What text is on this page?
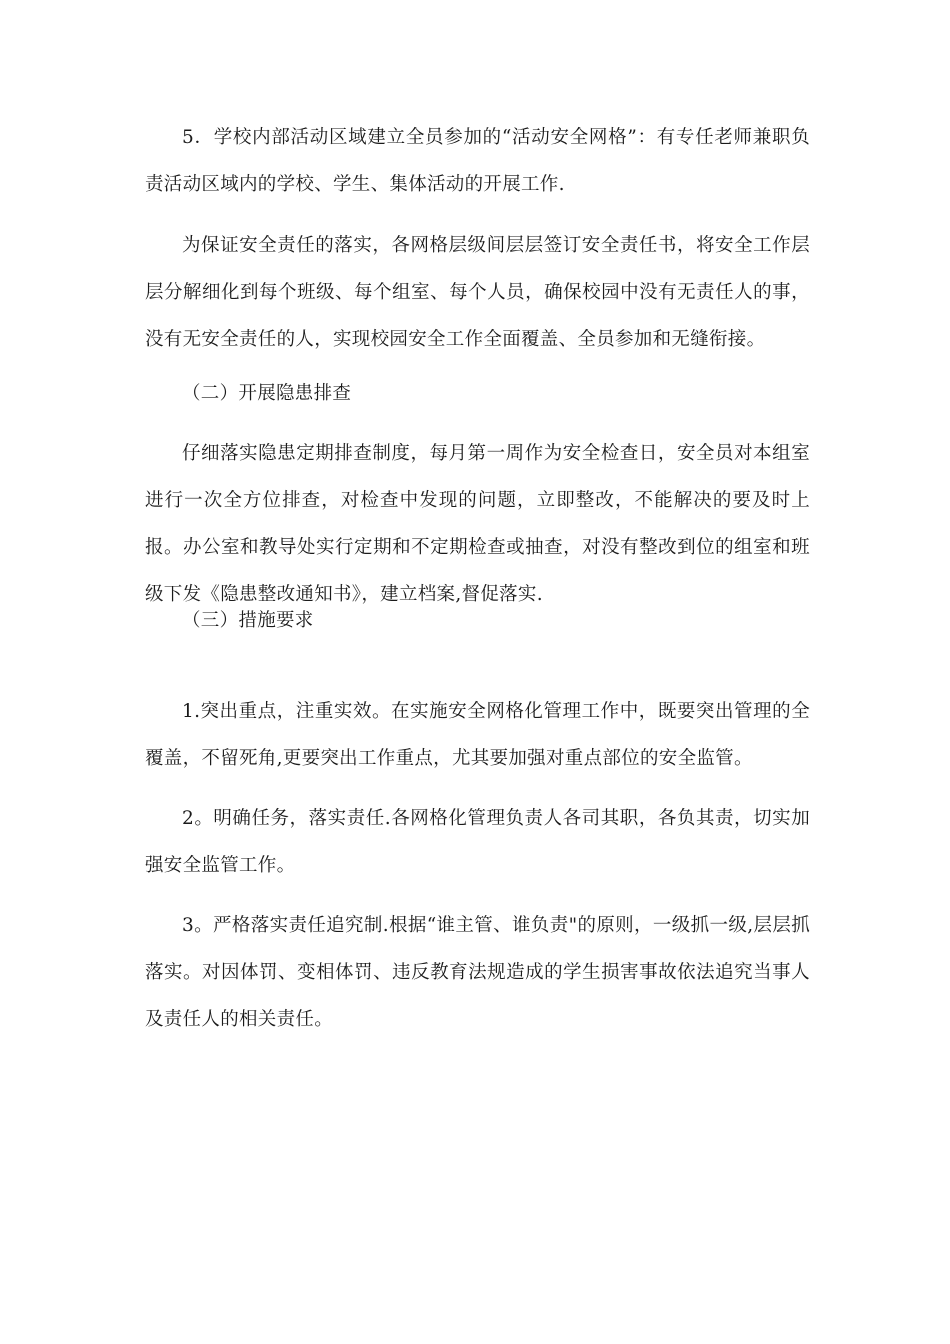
5．学校内部活动区域建立全员参加的“活动安全网格”：有专任老师兼职负责活动区域内的学校、学生、集体活动的开展工作.

为保证安全责任的落实，各网格层级间层层签订安全责任书，将安全工作层层分解细化到每个班级、每个组室、每个人员，确保校园中没有无责任人的事，没有无安全责任的人，实现校园安全工作全面覆盖、全员参加和无缝衔接。

（二）开展隐患排查

仔细落实隐患定期排查制度，每月第一周作为安全检查日，安全员对本组室进行一次全方位排查，对检查中发现的问题，立即整改，不能解决的要及时上报。办公室和教导处实行定期和不定期检查或抽查，对没有整改到位的组室和班级下发《隐患整改通知书》，建立档案,督促落实.

（三）措施要求

1.突出重点，注重实效。在实施安全网格化管理工作中，既要突出管理的全覆盖，不留死角,更要突出工作重点，尤其要加强对重点部位的安全监管。

2。明确任务，落实责任.各网格化管理负责人各司其职，各负其责，切实加强安全监管工作。

3。严格落实责任追究制.根据“谁主管、谁负责"的原则，一级抓一级,层层抓落实。对因体罚、变相体罚、违反教育法规造成的学生损害事故依法追究当事人及责任人的相关责任。
